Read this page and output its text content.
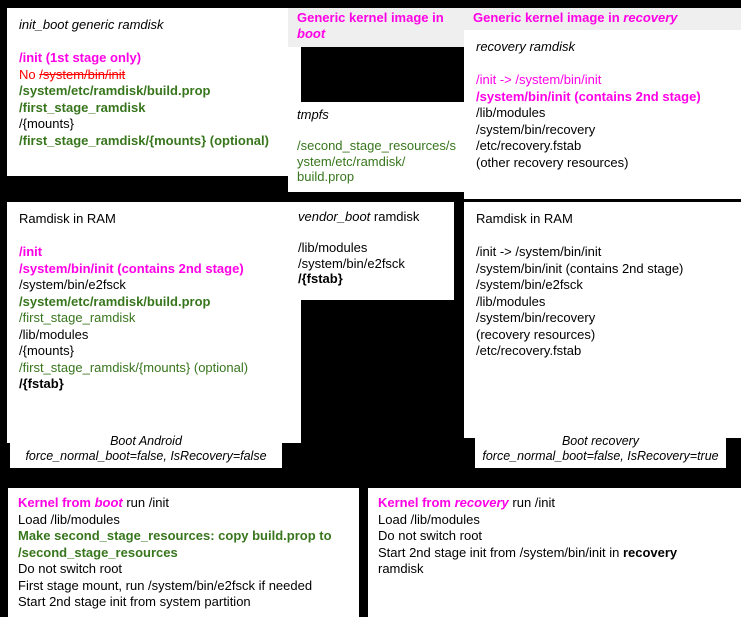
init_boot generic ramdisk

/init (1st stage only)
No /system/bin/init
/system/etc/ramdisk/build.prop
/first_stage_ramdisk
/{mounts}
/first_stage_ramdisk/{mounts} (optional)
Generic kernel image in
boot
tmpfs

/second_stage_resources/s
ystem/etc/ramdisk/
build.prop
Generic kernel image in recovery
recovery ramdisk

/init -> /system/bin/init
/system/bin/init (contains 2nd stage)
/lib/modules
/system/bin/recovery
/etc/recovery.fstab
(other recovery resources)
Ramdisk in RAM

/init
/system/bin/init (contains 2nd stage)
/system/bin/e2fsck
/system/etc/ramdisk/build.prop
/first_stage_ramdisk
/lib/modules
/{mounts}
/first_stage_ramdisk/{mounts} (optional)
/{fstab}
vendor_boot ramdisk

/lib/modules
/system/bin/e2fsck
/{fstab}
Ramdisk in RAM

/init -> /system/bin/init
/system/bin/init (contains 2nd stage)
/system/bin/e2fsck
/lib/modules
/system/bin/recovery
(recovery resources)
/etc/recovery.fstab
Boot Android
force_normal_boot=false, IsRecovery=false
Boot recovery
force_normal_boot=false, IsRecovery=true
Kernel from boot run /init
Load /lib/modules
Make second_stage_resources: copy build.prop to
/second_stage_resources
Do not switch root
First stage mount, run /system/bin/e2fsck if needed
Start 2nd stage init from system partition
Kernel from recovery run /init
Load /lib/modules
Do not switch root
Start 2nd stage init from /system/bin/init in recovery
ramdisk
